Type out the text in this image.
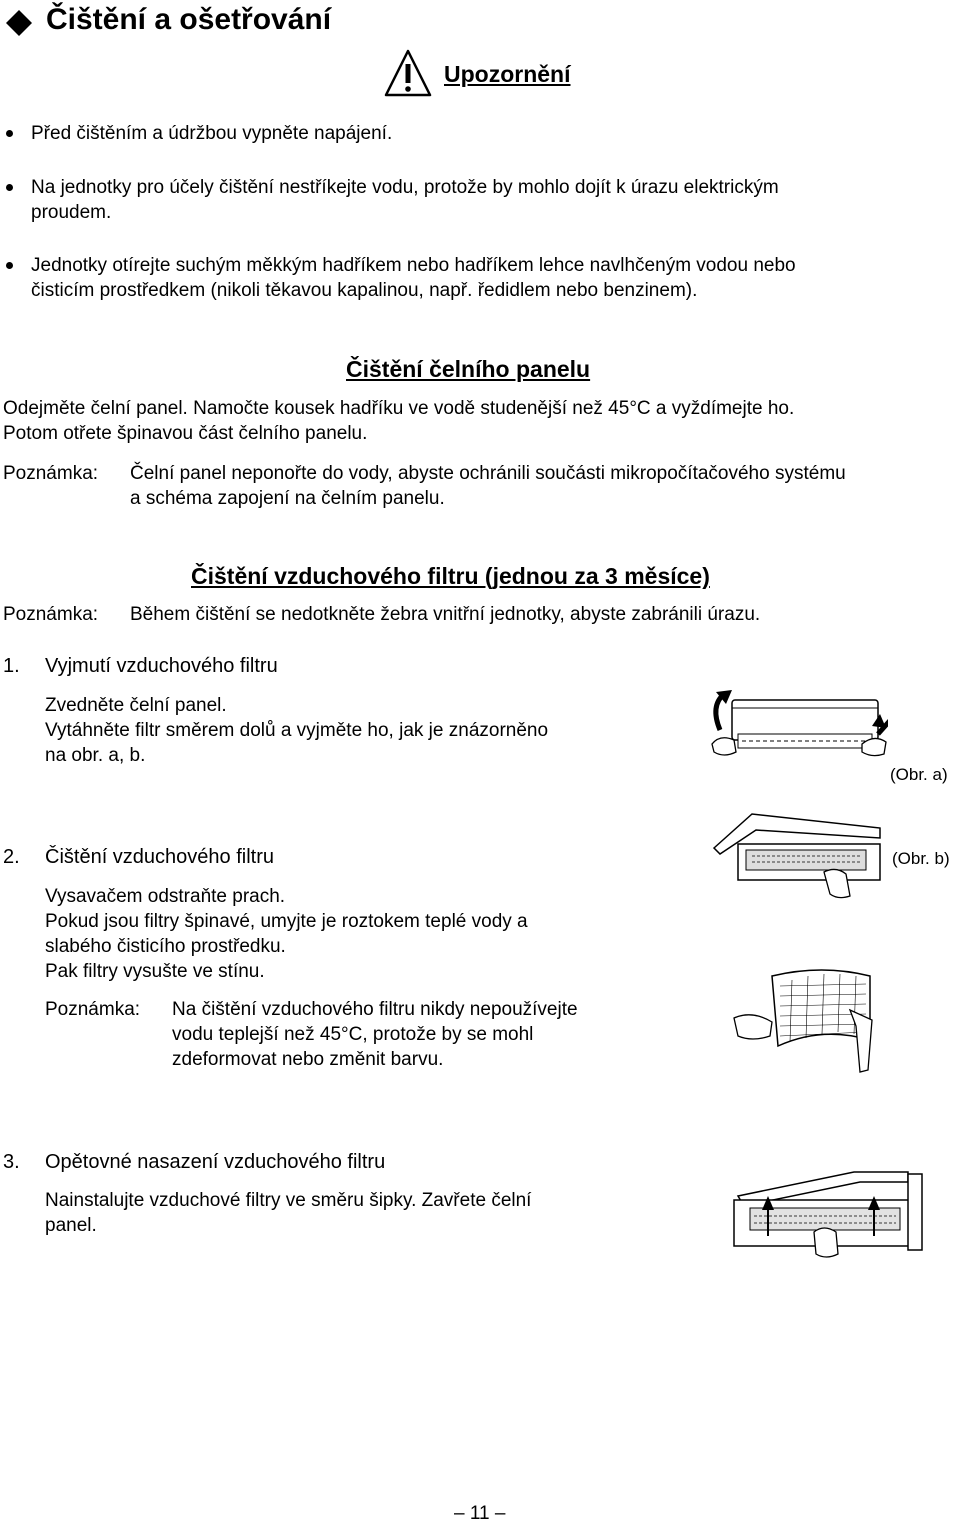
Čištění a ošetřování
Upozornění
Před čištěním a údržbou vypněte napájení.
Na jednotky pro účely čištění nestříkejte vodu, protože by mohlo dojít k úrazu elektrickým
proudem.
Jednotky otírejte suchým měkkým hadříkem nebo hadříkem lehce navlhčeným vodou nebo
čisticím prostředkem (nikoli těkavou kapalinou, např. ředidlem nebo benzinem).
Čištění čelního panelu
Odejměte čelní panel. Namočte kousek hadříku ve vodě studenější než 45°C a vyždímejte ho.
Potom otřete špinavou část čelního panelu.
Poznámka: Čelní panel neponořte do vody, abyste ochránili součásti mikropočítačového systému
a schéma zapojení na čelním panelu.
Čištění vzduchového filtru (jednou za 3 měsíce)
Poznámka: Během čištění se nedotkněte žebra vnitřní jednotky, abyste zabránili úrazu.
1. Vyjmutí vzduchového filtru
Zvedněte čelní panel.
Vytáhněte filtr směrem dolů a vyjměte ho, jak je znázorněno
na obr. a, b.
(Obr. a)
2. Čištění vzduchového filtru
Vysavačem odstraňte prach.
Pokud jsou filtry špinavé, umyjte je roztokem teplé vody a
slabého čisticího prostředku.
Pak filtry vysušte ve stínu.
Poznámka: Na čištění vzduchového filtru nikdy nepoužívejte
vodu teplejší než 45°C, protože by se mohl
zdeformovat nebo změnit barvu.
(Obr. b)
3. Opětovné nasazení vzduchového filtru
Nainstalujte vzduchové filtry ve směru šipky. Zavřete čelní
panel.
– 11 –
